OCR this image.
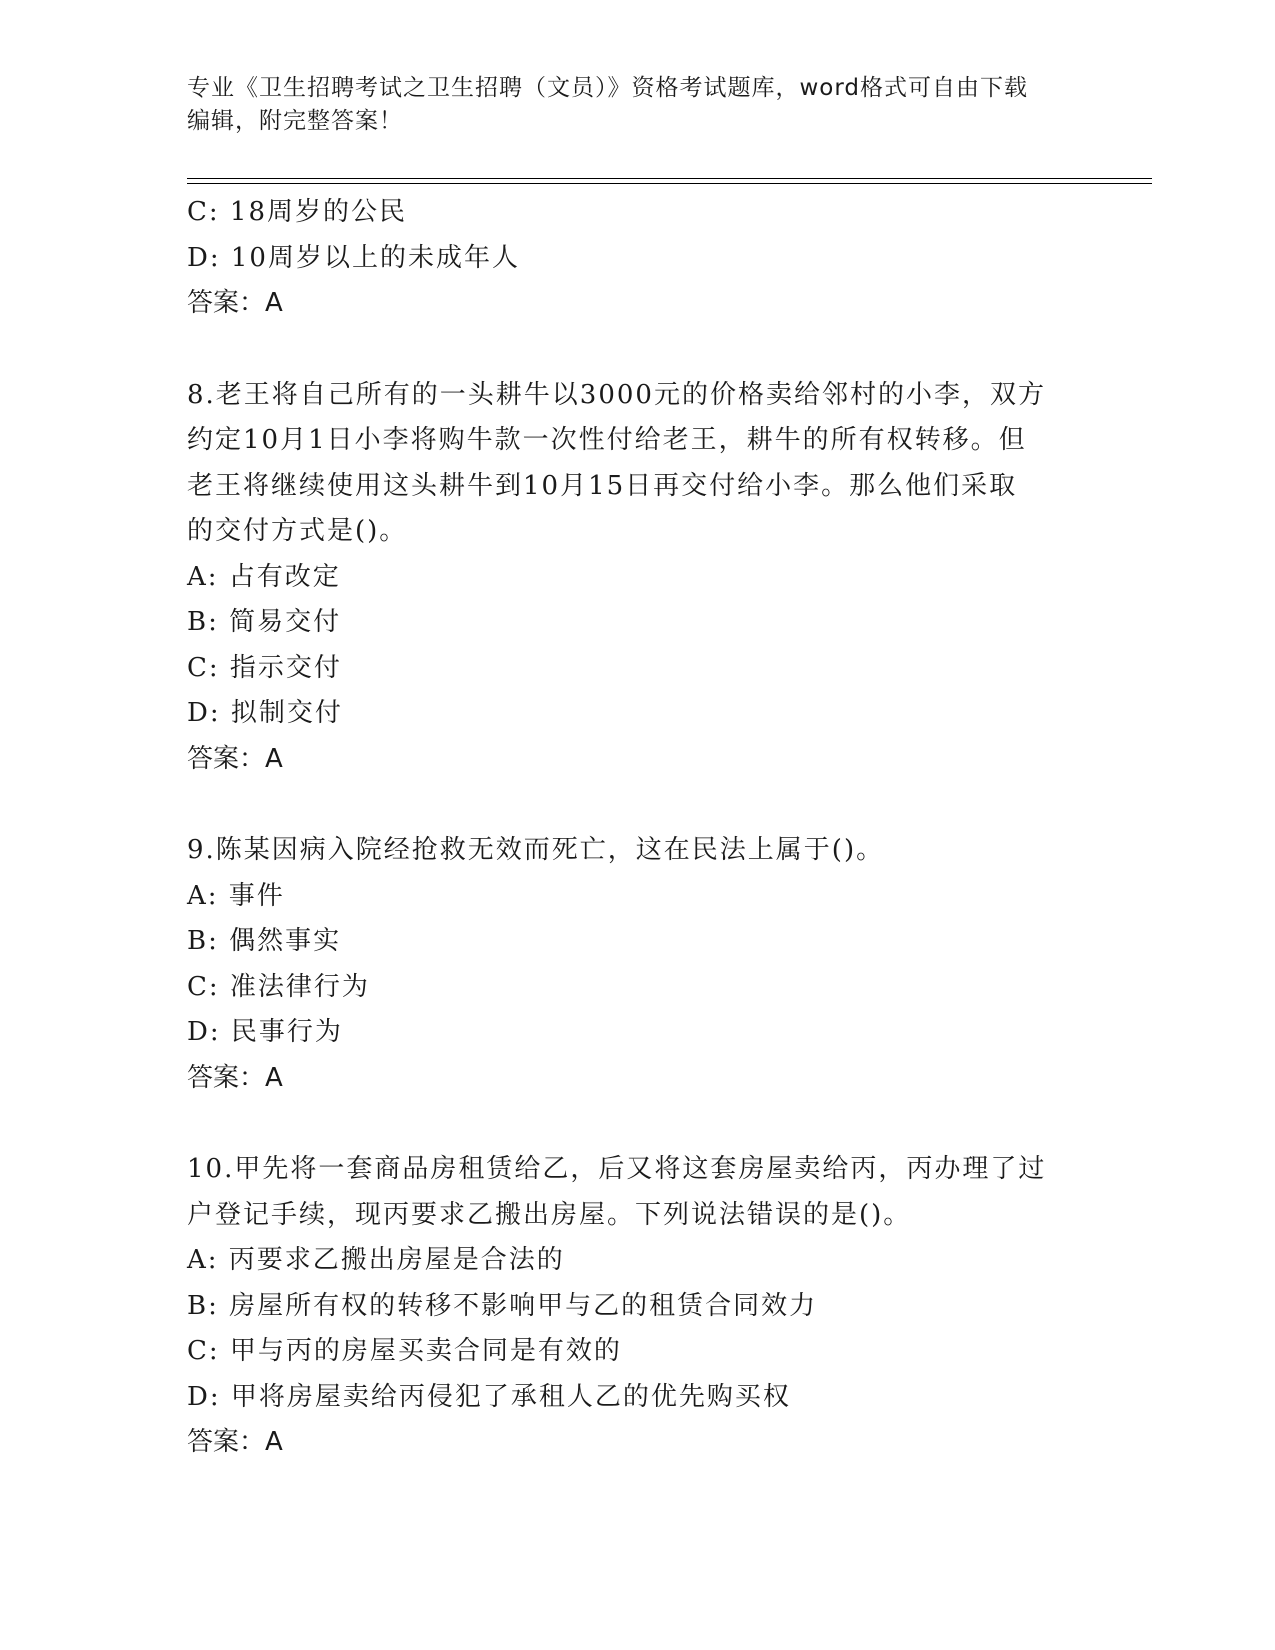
专业《卫生招聘考试之卫生招聘（文员）》资格考试题库，word格式可自由下载
编辑，附完整答案！
C: 18周岁的公民
D: 10周岁以上的未成年人
答案：A
8.老王将自己所有的一头耕牛以3000元的价格卖给邻村的小李，双方
约定10月1日小李将购牛款一次性付给老王，耕牛的所有权转移。但
老王将继续使用这头耕牛到10月15日再交付给小李。那么他们采取
的交付方式是()。
A: 占有改定
B: 简易交付
C: 指示交付
D: 拟制交付
答案：A
9.陈某因病入院经抢救无效而死亡，这在民法上属于()。
A: 事件
B: 偶然事实
C: 准法律行为
D: 民事行为
答案：A
10.甲先将一套商品房租赁给乙，后又将这套房屋卖给丙，丙办理了过
户登记手续，现丙要求乙搬出房屋。下列说法错误的是()。
A: 丙要求乙搬出房屋是合法的
B: 房屋所有权的转移不影响甲与乙的租赁合同效力
C: 甲与丙的房屋买卖合同是有效的
D: 甲将房屋卖给丙侵犯了承租人乙的优先购买权
答案：A
